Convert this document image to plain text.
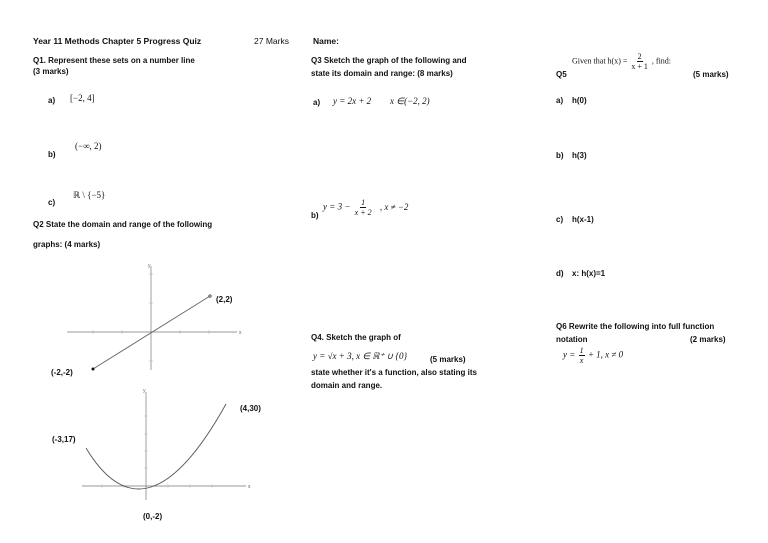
Year 11 Methods Chapter 5 Progress Quiz	27 Marks	Name:
Q1. Represent these sets on a number line
(3 marks)
a) [−2, 4]
b)
(−∞, 2)
c)
ℝ \ {−5}
Q2 State the domain and range of the following
graphs: (4 marks)
x
y
(2,2)
(-2,-2)
x
y
(-3,17)
(4,30)
(0,-2)
Q3 Sketch the graph of the following and
state its domain and range: (8 marks)
a) y = 2x + 2 x ∈(−2, 2)
b)
$y = 3 - \frac{1}{x + 2}$ , x ≠ −2
Q4. Sketch the graph of
y = √x + 3, x ∈ ℝ⁺ ∪ {0}	(5 marks)
state whether it's a function, also stating its
domain and range.
Given that $h(x) = \frac{2}{x + 1}$ , find:
Q5	(5 marks)
a) h(0)
b) h(3)
c) h(x-1)
d) x: h(x)=1
Q6 Rewrite the following into full function
notation	(2 marks)
$y = \frac{1}{x} + 1$, x ≠ 0
